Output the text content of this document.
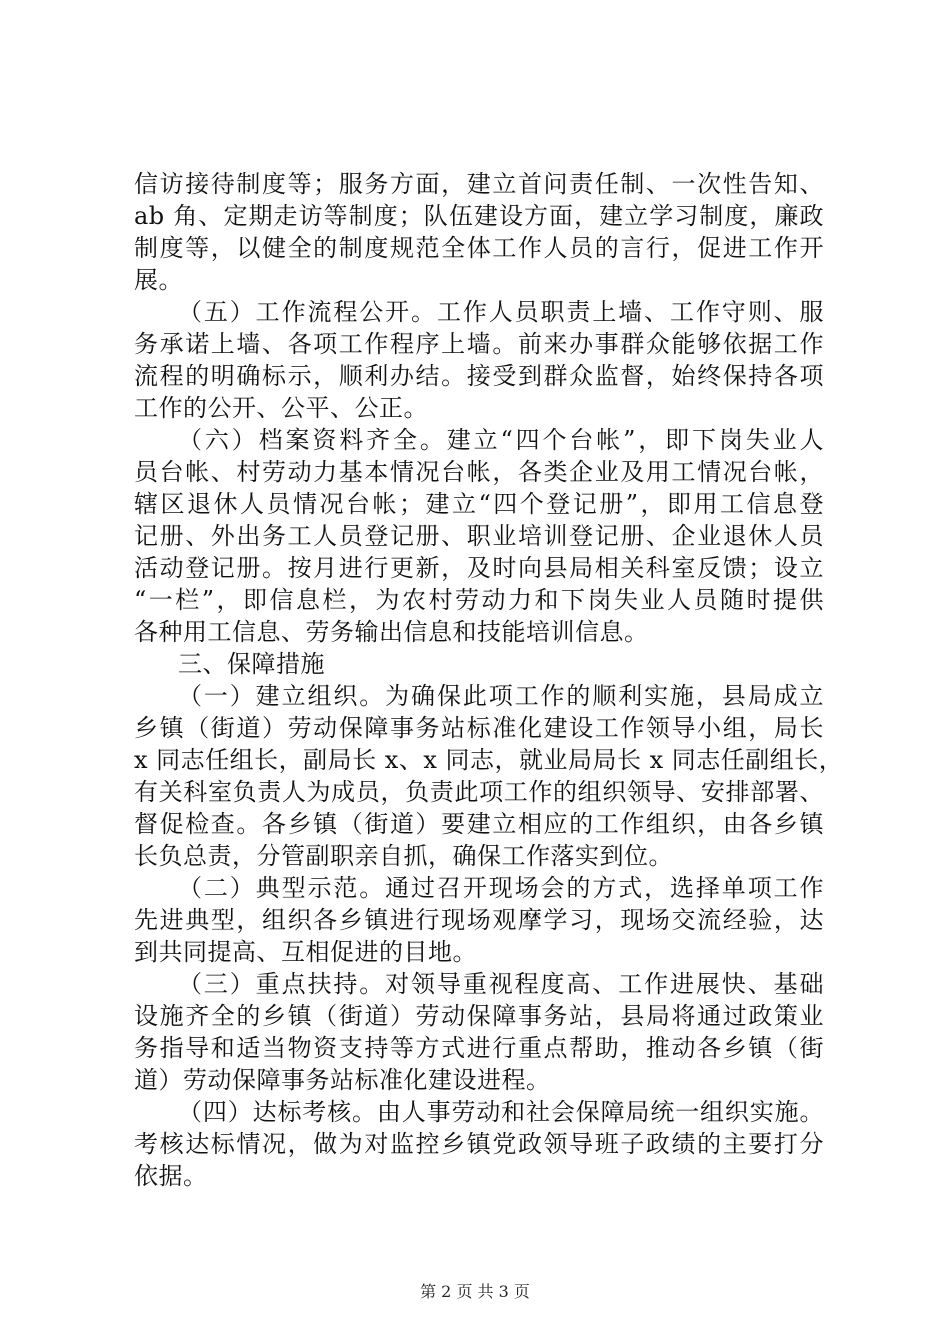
信访接待制度等；服务方面，建立首问责任制、一次性告知、
ab 角、定期走访等制度；队伍建设方面，建立学习制度，廉政
制度等，以健全的制度规范全体工作人员的言行，促进工作开
展。
（五）工作流程公开。工作人员职责上墙、工作守则、服
务承诺上墙、各项工作程序上墙。前来办事群众能够依据工作
流程的明确标示，顺利办结。接受到群众监督，始终保持各项
工作的公开、公平、公正。
（六）档案资料齐全。建立“四个台帐”，即下岗失业人
员台帐、村劳动力基本情况台帐，各类企业及用工情况台帐，
辖区退休人员情况台帐；建立“四个登记册”，即用工信息登
记册、外出务工人员登记册、职业培训登记册、企业退休人员
活动登记册。按月进行更新，及时向县局相关科室反馈；设立
“一栏”，即信息栏，为农村劳动力和下岗失业人员随时提供
各种用工信息、劳务输出信息和技能培训信息。
三、保障措施
（一）建立组织。为确保此项工作的顺利实施，县局成立
乡镇（街道）劳动保障事务站标准化建设工作领导小组，局长
x 同志任组长，副局长 x、x 同志，就业局局长 x 同志任副组长，
有关科室负责人为成员，负责此项工作的组织领导、安排部署、
督促检查。各乡镇（街道）要建立相应的工作组织，由各乡镇
长负总责，分管副职亲自抓，确保工作落实到位。
（二）典型示范。通过召开现场会的方式，选择单项工作
先进典型，组织各乡镇进行现场观摩学习，现场交流经验，达
到共同提高、互相促进的目地。
（三）重点扶持。对领导重视程度高、工作进展快、基础
设施齐全的乡镇（街道）劳动保障事务站，县局将通过政策业
务指导和适当物资支持等方式进行重点帮助，推动各乡镇（街
道）劳动保障事务站标准化建设进程。
（四）达标考核。由人事劳动和社会保障局统一组织实施。
考核达标情况，做为对监控乡镇党政领导班子政绩的主要打分
依据。
第 2 页 共 3 页
